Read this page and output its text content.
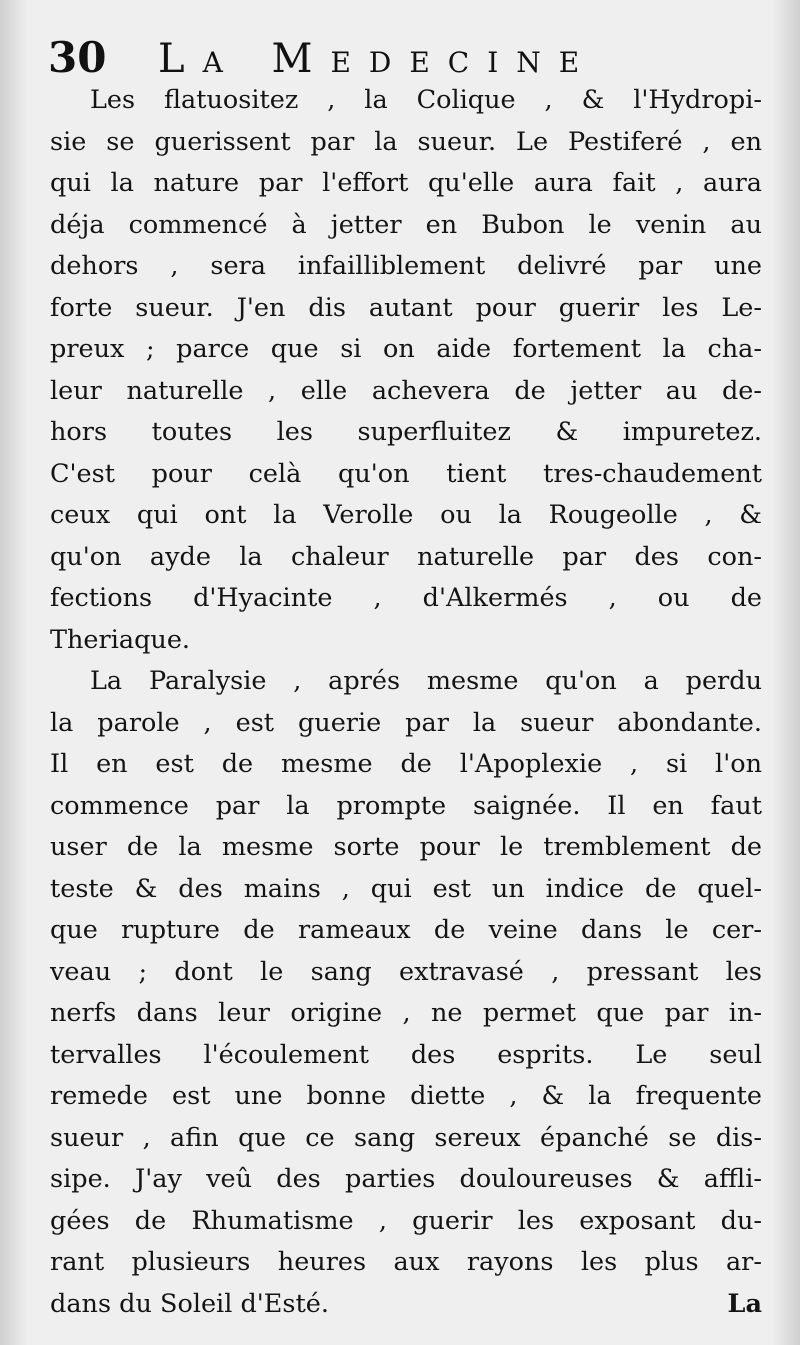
30 La Medecine
Les flatuositez , la Colique , & l'Hydropi-
sie se guerissent par la sueur. Le Pestiferé , en
qui la nature par l'effort qu'elle aura fait , aura
déja commencé à jetter en Bubon le venin au
dehors , sera infailliblement delivré par une
forte sueur. J'en dis autant pour guerir les Le-
preux ; parce que si on aide fortement la cha-
leur naturelle , elle achevera de jetter au de-
hors toutes les superfluitez & impuretez.
C'est pour celà qu'on tient tres-chaudement
ceux qui ont la Verolle ou la Rougeolle , &
qu'on ayde la chaleur naturelle par des con-
fections d'Hyacinte , d'Alkermés , ou de
Theriaque.
La Paralysie , aprés mesme qu'on a perdu
la parole , est guerie par la sueur abondante.
Il en est de mesme de l'Apoplexie , si l'on
commence par la prompte saignée. Il en faut
user de la mesme sorte pour le tremblement de
teste & des mains , qui est un indice de quel-
que rupture de rameaux de veine dans le cer-
veau ; dont le sang extravasé , pressant les
nerfs dans leur origine , ne permet que par in-
tervalles l'écoulement des esprits. Le seul
remede est une bonne diette , & la frequente
sueur , afin que ce sang sereux épanché se dis-
sipe. J'ay veû des parties douloureuses & affli-
gées de Rhumatisme , guerir les exposant du-
rant plusieurs heures aux rayons les plus ar-
dans du Soleil d'Esté.	La
